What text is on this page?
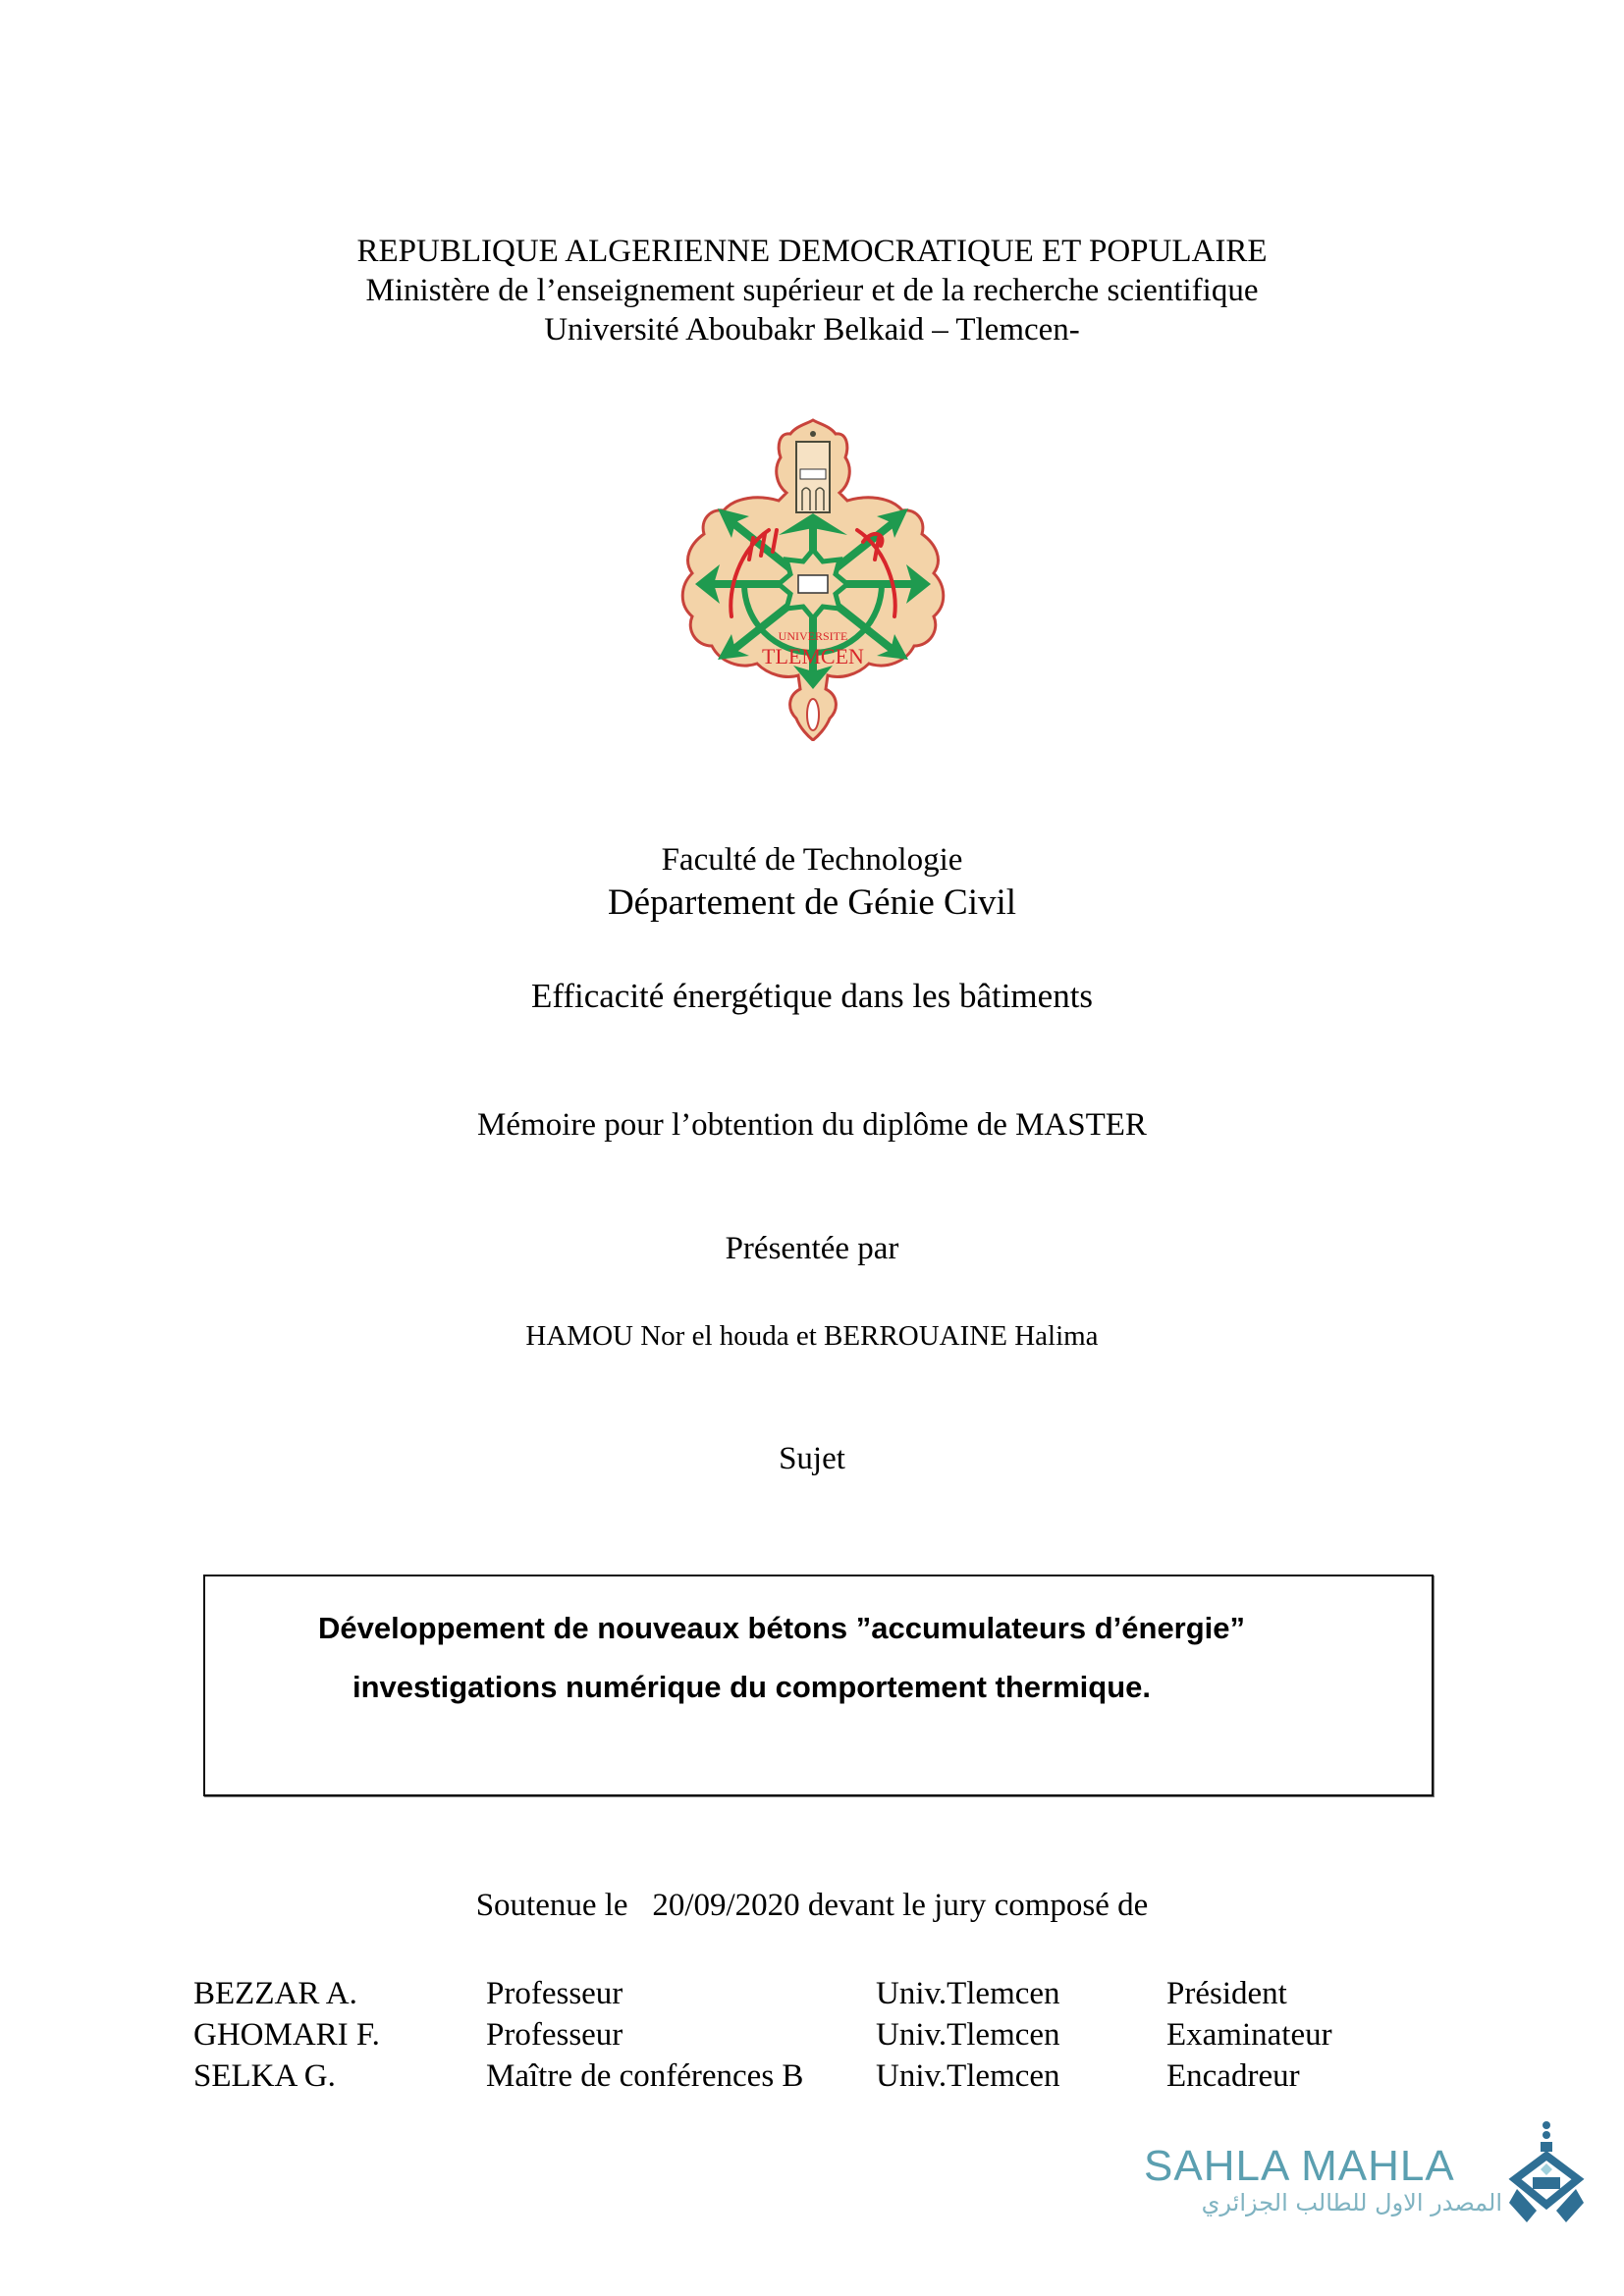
REPUBLIQUE ALGERIENNE DEMOCRATIQUE ET POPULAIRE
Ministère de l’enseignement supérieur et de la recherche scientifique
Université Aboubakr Belkaid – Tlemcen-
UNIVERSITE
TLEMCEN
Faculté de Technologie
Département de Génie Civil
Efficacité énergétique dans les bâtiments
Mémoire pour l’obtention du diplôme de MASTER
Présentée par
HAMOU Nor el houda et BERROUAINE Halima
Sujet
Développement de nouveaux bétons ”accumulateurs d’énergie”
investigations numérique du comportement thermique.
Soutenue le   20/09/2020 devant le jury composé de
BEZZAR A.	Professeur	Univ.Tlemcen	Président
GHOMARI F.	Professeur	Univ.Tlemcen	Examinateur
SELKA G.	Maître de conférences B Univ.Tlemcen	Encadreur
SAHLA MAHLA
المصدر الاول للطالب الجزائري
